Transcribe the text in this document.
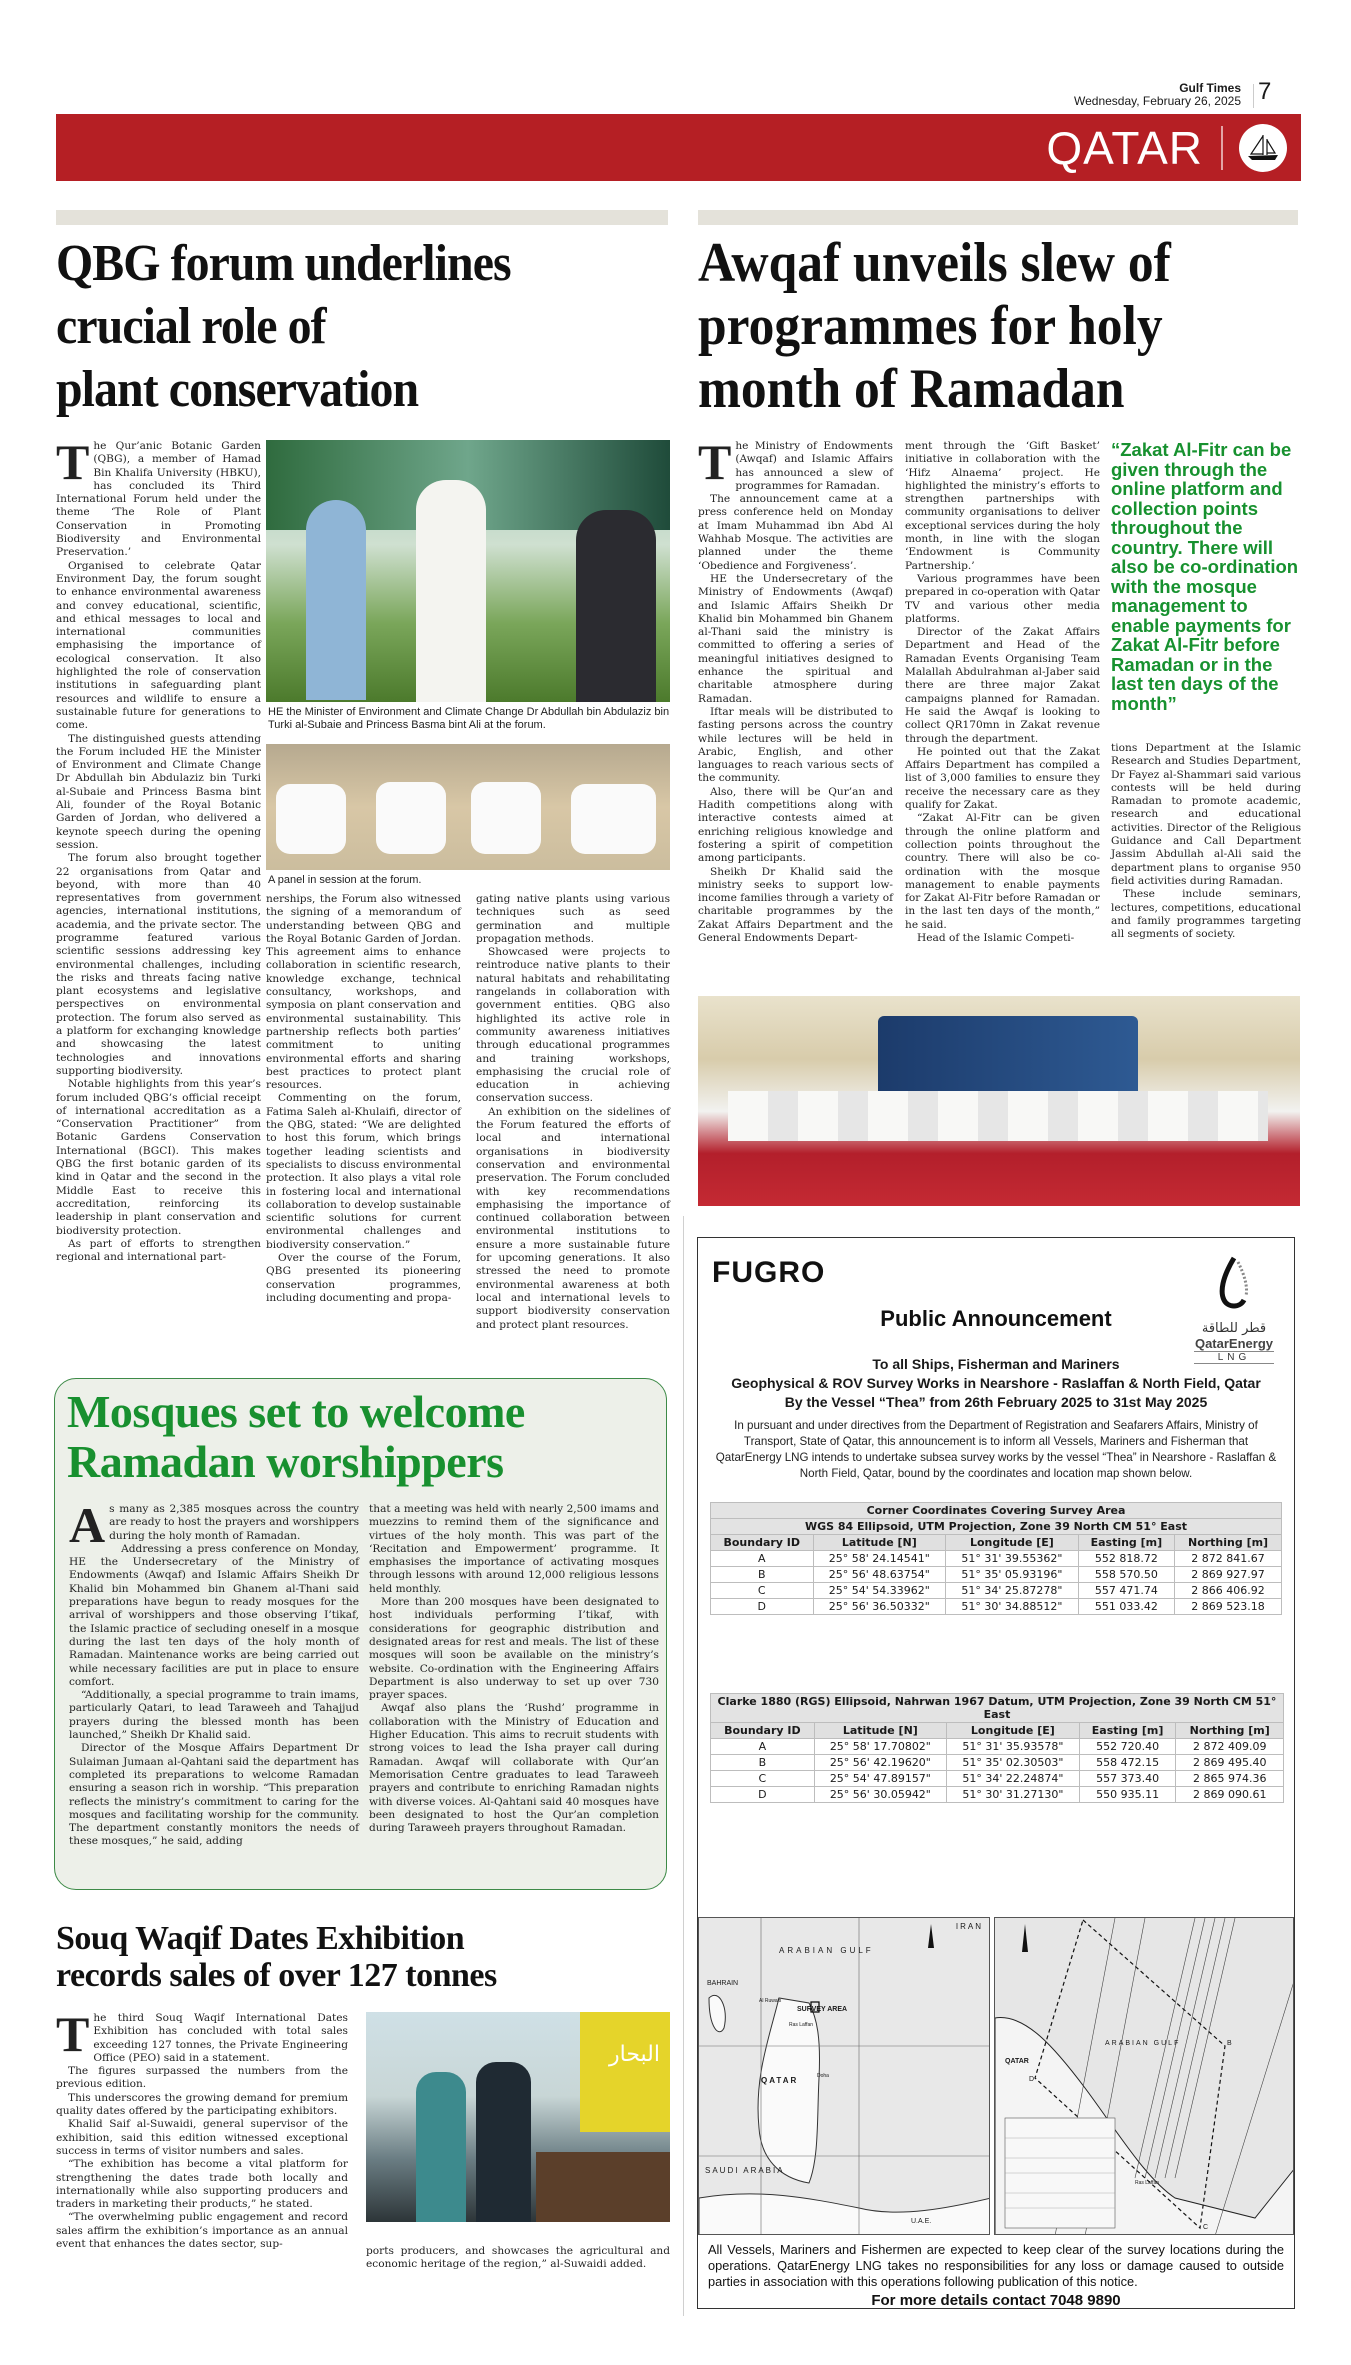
Gulf Times
Wednesday, February 26, 2025 7
QATAR
QBG forum underlines
crucial role of
plant conservation

The Qur’anic Botanic Garden (QBG), a member of Hamad Bin Khalifa University (HBKU), has concluded its Third International Forum held under the theme ‘The Role of Plant Conservation in Promoting Biodiversity and Environmental Preservation.’

Organised to celebrate Qatar Environment Day, the forum sought to enhance environmental awareness and convey educational, scientific, and ethical messages to local and international communities emphasising the importance of ecological conservation. It also highlighted the role of conservation institutions in safeguarding plant resources and wildlife to ensure a sustainable future for generations to come.

The distinguished guests attending the Forum included HE the Minister of Environment and Climate Change Dr Abdullah bin Abdulaziz bin Turki al-Subaie and Princess Basma bint Ali, founder of the Royal Botanic Garden of Jordan, who delivered a keynote speech during the opening session.

The forum also brought together 22 organisations from Qatar and beyond, with more than 40 representatives from government agencies, international institutions, academia, and the private sector. The programme featured various scientific sessions addressing key environmental challenges, including the risks and threats facing native plant ecosystems and legislative perspectives on environmental protection. The forum also served as a platform for exchanging knowledge and showcasing the latest technologies and innovations supporting biodiversity.

Notable highlights from this year’s forum included QBG’s official receipt of international accreditation as a “Conservation Practitioner” from Botanic Gardens Conservation International (BGCI). This makes QBG the first botanic garden of its kind in Qatar and the second in the Middle East to receive this accreditation, reinforcing its leadership in plant conservation and biodiversity protection.

As part of efforts to strengthen regional and international part-

HE the Minister of Environment and Climate Change Dr Abdullah bin Abdulaziz bin Turki al-Subaie and Princess Basma bint Ali at the forum.
A panel in session at the forum.

nerships, the Forum also witnessed the signing of a memorandum of understanding between QBG and the Royal Botanic Garden of Jordan. This agreement aims to enhance collaboration in scientific research, knowledge exchange, technical consultancy, workshops, and symposia on plant conservation and environmental sustainability. This partnership reflects both parties’ commitment to uniting environmental efforts and sharing best practices to protect plant resources.

Commenting on the forum, Fatima Saleh al-Khulaifi, director of the QBG, stated: “We are delighted to host this forum, which brings together leading scientists and specialists to discuss environmental protection. It also plays a vital role in fostering local and international collaboration to develop sustainable scientific solutions for current environmental challenges and biodiversity conservation.”

Over the course of the Forum, QBG presented its pioneering conservation programmes, including documenting and propa-

gating native plants using various techniques such as seed germination and multiple propagation methods.

Showcased were projects to reintroduce native plants to their natural habitats and rehabilitating rangelands in collaboration with government entities. QBG also highlighted its active role in community awareness initiatives through educational programmes and training workshops, emphasising the crucial role of education in achieving conservation success.

An exhibition on the sidelines of the Forum featured the efforts of local and international organisations in biodiversity conservation and environmental preservation. The Forum concluded with key recommendations emphasising the importance of continued collaboration between environmental institutions to ensure a more sustainable future for upcoming generations. It also stressed the need to promote environmental awareness at both local and international levels to support biodiversity conservation and protect plant resources.

Awqaf unveils slew of
programmes for holy
month of Ramadan

The Ministry of Endowments (Awqaf) and Islamic Affairs has announced a slew of programmes for Ramadan.

The announcement came at a press conference held on Monday at Imam Muhammad ibn Abd Al Wahhab Mosque. The activities are planned under the theme ‘Obedience and Forgiveness’.

HE the Undersecretary of the Ministry of Endowments (Awqaf) and Islamic Affairs Sheikh Dr Khalid bin Mohammed bin Ghanem al-Thani said the ministry is committed to offering a series of meaningful initiatives designed to enhance the spiritual and charitable atmosphere during Ramadan.

Iftar meals will be distributed to fasting persons across the country while lectures will be held in Arabic, English, and other languages to reach various sects of the community.

Also, there will be Qur’an and Hadith competitions along with interactive contests aimed at enriching religious knowledge and fostering a spirit of competition among participants.

Sheikh Dr Khalid said the ministry seeks to support low-income families through a variety of charitable programmes by the Zakat Affairs Department and the General Endowments Depart-

ment through the ‘Gift Basket’ initiative in collaboration with the ‘Hifz Alnaema’ project. He highlighted the ministry’s efforts to strengthen partnerships with community organisations to deliver exceptional services during the holy month, in line with the slogan ‘Endowment is Community Partnership.’

Various programmes have been prepared in co-operation with Qatar TV and various other media platforms.

Director of the Zakat Affairs Department and Head of the Ramadan Events Organising Team Malallah Abdulrahman al-Jaber said there are three major Zakat campaigns planned for Ramadan. He said the Awqaf is looking to collect QR170mn in Zakat revenue through the department.

He pointed out that the Zakat Affairs Department has compiled a list of 3,000 families to ensure they receive the necessary care as they qualify for Zakat.

“Zakat Al-Fitr can be given through the online platform and collection points throughout the country. There will also be co-ordination with the mosque management to enable payments for Zakat Al-Fitr before Ramadan or in the last ten days of the month,” he said.

Head of the Islamic Competi-

“Zakat Al-Fitr can be given through the online platform and collection points throughout the country. There will also be co-ordination with the mosque management to enable payments for Zakat Al-Fitr before Ramadan or in the last ten days of the month”

tions Department at the Islamic Research and Studies Department, Dr Fayez al-Shammari said various contests will be held during Ramadan to promote academic, research and educational activities. Director of the Religious Guidance and Call Department Jassim Abdullah al-Ali said the department plans to organise 950 field activities during Ramadan.

These include seminars, lectures, competitions, educational and family programmes targeting all segments of society.

Mosques set to welcome
Ramadan worshippers

As many as 2,385 mosques across the country are ready to host the prayers and worshippers during the holy month of Ramadan.

Addressing a press conference on Monday, HE the Undersecretary of the Ministry of Endowments (Awqaf) and Islamic Affairs Sheikh Dr Khalid bin Mohammed bin Ghanem al-Thani said preparations have begun to ready mosques for the arrival of worshippers and those observing I’tikaf, the Islamic practice of secluding oneself in a mosque during the last ten days of the holy month of Ramadan. Maintenance works are being carried out while necessary facilities are put in place to ensure comfort.

“Additionally, a special programme to train imams, particularly Qatari, to lead Taraweeh and Tahajjud prayers during the blessed month has been launched,” Sheikh Dr Khalid said.

Director of the Mosque Affairs Department Dr Sulaiman Jumaan al-Qahtani said the department has completed its preparations to welcome Ramadan ensuring a season rich in worship. “This preparation reflects the ministry’s commitment to caring for the mosques and facilitating worship for the community. The department constantly monitors the needs of these mosques,” he said, adding

that a meeting was held with nearly 2,500 imams and muezzins to remind them of the significance and virtues of the holy month. This was part of the ‘Recitation and Empowerment’ programme. It emphasises the importance of activating mosques through lessons with around 12,000 religious lessons held monthly.

More than 200 mosques have been designated to host individuals performing I’tikaf, with considerations for geographic distribution and designated areas for rest and meals. The list of these mosques will soon be available on the ministry’s website. Co-ordination with the Engineering Affairs Department is also underway to set up over 730 prayer spaces.

Awqaf also plans the ‘Rushd’ programme in collaboration with the Ministry of Education and Higher Education. This aims to recruit students with strong voices to lead the Isha prayer call during Ramadan. Awqaf will collaborate with Qur’an Memorisation Centre graduates to lead Taraweeh prayers and contribute to enriching Ramadan nights with diverse voices. Al-Qahtani said 40 mosques have been designated to host the Qur’an completion during Taraweeh prayers throughout Ramadan.

Souq Waqif Dates Exhibition
records sales of over 127 tonnes

The third Souq Waqif International Dates Exhibition has concluded with total sales exceeding 127 tonnes, the Private Engineering Office (PEO) said in a statement.

The figures surpassed the numbers from the previous edition.

This underscores the growing demand for premium quality dates offered by the participating exhibitors.

Khalid Saif al-Suwaidi, general supervisor of the exhibition, said this edition witnessed exceptional success in terms of visitor numbers and sales.

“The exhibition has become a vital platform for strengthening the dates trade both locally and internationally while also supporting producers and traders in marketing their products,” he stated.

“The overwhelming public engagement and record sales affirm the exhibition’s importance as an annual event that enhances the dates sector, sup-

البحار

ports producers, and showcases the agricultural and economic heritage of the region,” al-Suwaidi added.

FUGRO
قطر للطاقة
QatarEnergy
LNG
Public Announcement
To all Ships, Fisherman and Mariners
Geophysical & ROV Survey Works in Nearshore - Raslaffan & North Field, Qatar
By the Vessel “Thea” from 26th February 2025 to 31st May 2025
In pursuant and under directives from the Department of Registration and Seafarers Affairs, Ministry of Transport, State of Qatar, this announcement is to inform all Vessels, Mariners and Fisherman that QatarEnergy LNG intends to undertake subsea survey works by the vessel “Thea” in Nearshore - Raslaffan & North Field, Qatar, bound by the coordinates and location map shown below.
Corner Coordinates Covering Survey Area				
WGS 84 Ellipsoid, UTM Projection, Zone 39 North CM 51° East				
Boundary ID	Latitude [N]	Longitude [E]	Easting [m]	Northing [m]
A	25° 58' 24.14541"	51° 31' 39.55362"	552 818.72	2 872 841.67
B	25° 56' 48.63754"	51° 35' 05.93196"	558 570.50	2 869 927.97
C	25° 54' 54.33962"	51° 34' 25.87278"	557 471.74	2 866 406.92
D	25° 56' 36.50332"	51° 30' 34.88512"	551 033.42	2 869 523.18
Clarke 1880 (RGS) Ellipsoid, Nahrwan 1967 Datum, UTM Projection, Zone 39 North CM 51° East				
Boundary ID	Latitude [N]	Longitude [E]	Easting [m]	Northing [m]
A	25° 58' 17.70802"	51° 31' 35.93578"	552 720.40	2 872 409.09
B	25° 56' 42.19620"	51° 35' 02.30503"	558 472.15	2 869 495.40
C	25° 54' 47.89157"	51° 34' 22.24874"	557 373.40	2 865 974.36
D	25° 56' 30.05942"	51° 30' 31.27130"	550 935.11	2 869 090.61
IRAN
ARABIAN GULF
BAHRAIN
SURVEY AREA
Ras Laffan
Al Ruwais
QATAR	Doha
SAUDI ARABIA
U.A.E.
ARABIAN GULF
QATAR
Ras Laffan
B
C
D
All Vessels, Mariners and Fishermen are expected to keep clear of the survey locations during the operations. QatarEnergy LNG takes no responsibilities for any loss or damage caused to outside parties in association with this operations following publication of this notice.
For more details contact 7048 9890
